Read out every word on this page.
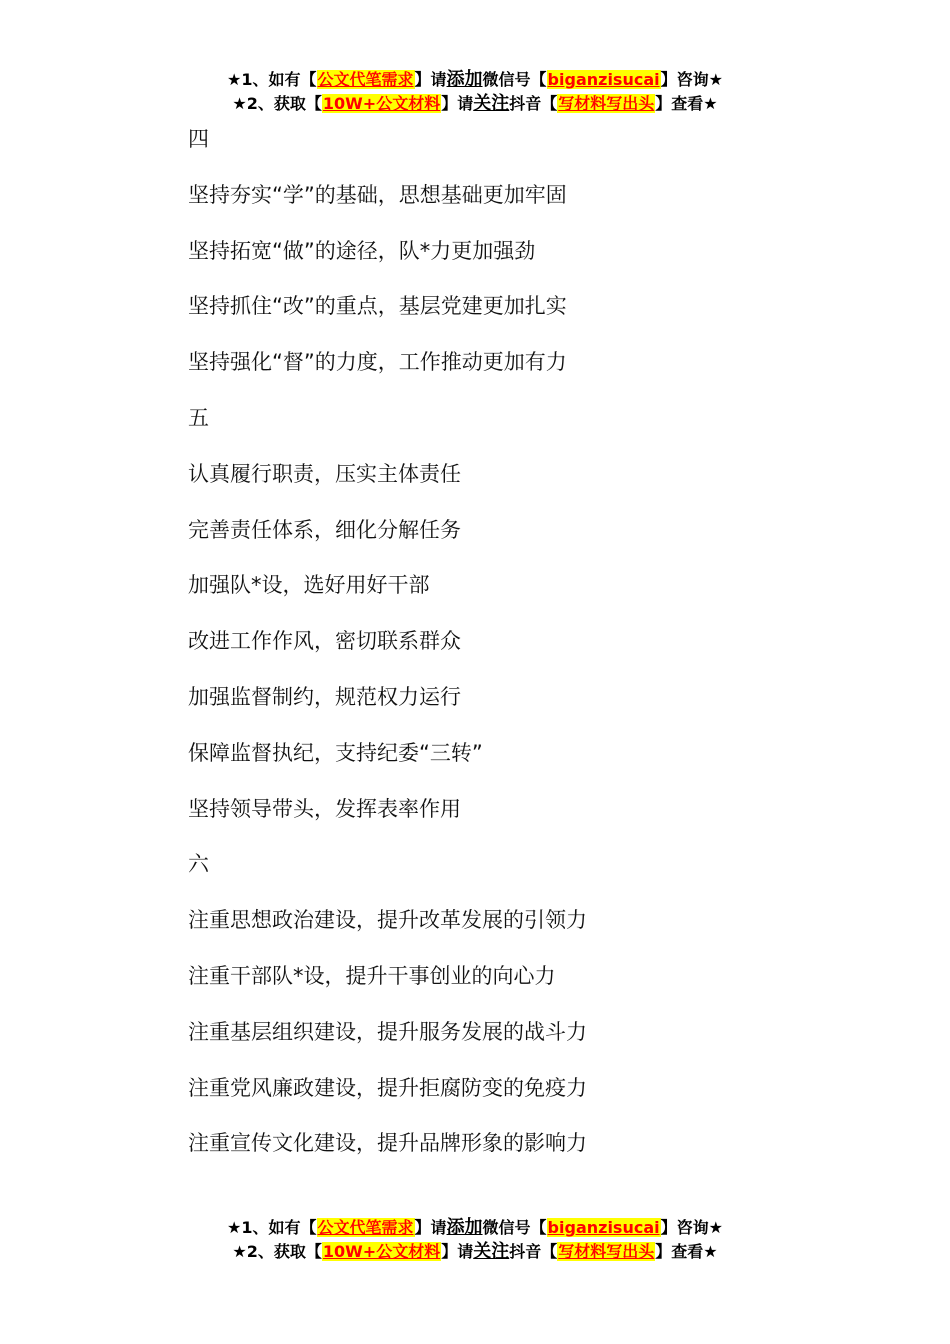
★1、如有【公文代笔需求】请添加微信号【biganzisucai】咨询★
★2、获取【10W+公文材料】请关注抖音【写材料写出头】查看★
四
坚持夯实“学”的基础，思想基础更加牢固
坚持拓宽“做”的途径，队*力更加强劲
坚持抓住“改”的重点，基层党建更加扎实
坚持强化“督”的力度，工作推动更加有力
五
认真履行职责，压实主体责任
完善责任体系，细化分解任务
加强队*设，选好用好干部
改进工作作风，密切联系群众
加强监督制约，规范权力运行
保障监督执纪，支持纪委“三转”
坚持领导带头，发挥表率作用
六
注重思想政治建设，提升改革发展的引领力
注重干部队*设，提升干事创业的向心力
注重基层组织建设，提升服务发展的战斗力
注重党风廉政建设，提升拒腐防变的免疫力
注重宣传文化建设，提升品牌形象的影响力
★1、如有【公文代笔需求】请添加微信号【biganzisucai】咨询★
★2、获取【10W+公文材料】请关注抖音【写材料写出头】查看★
